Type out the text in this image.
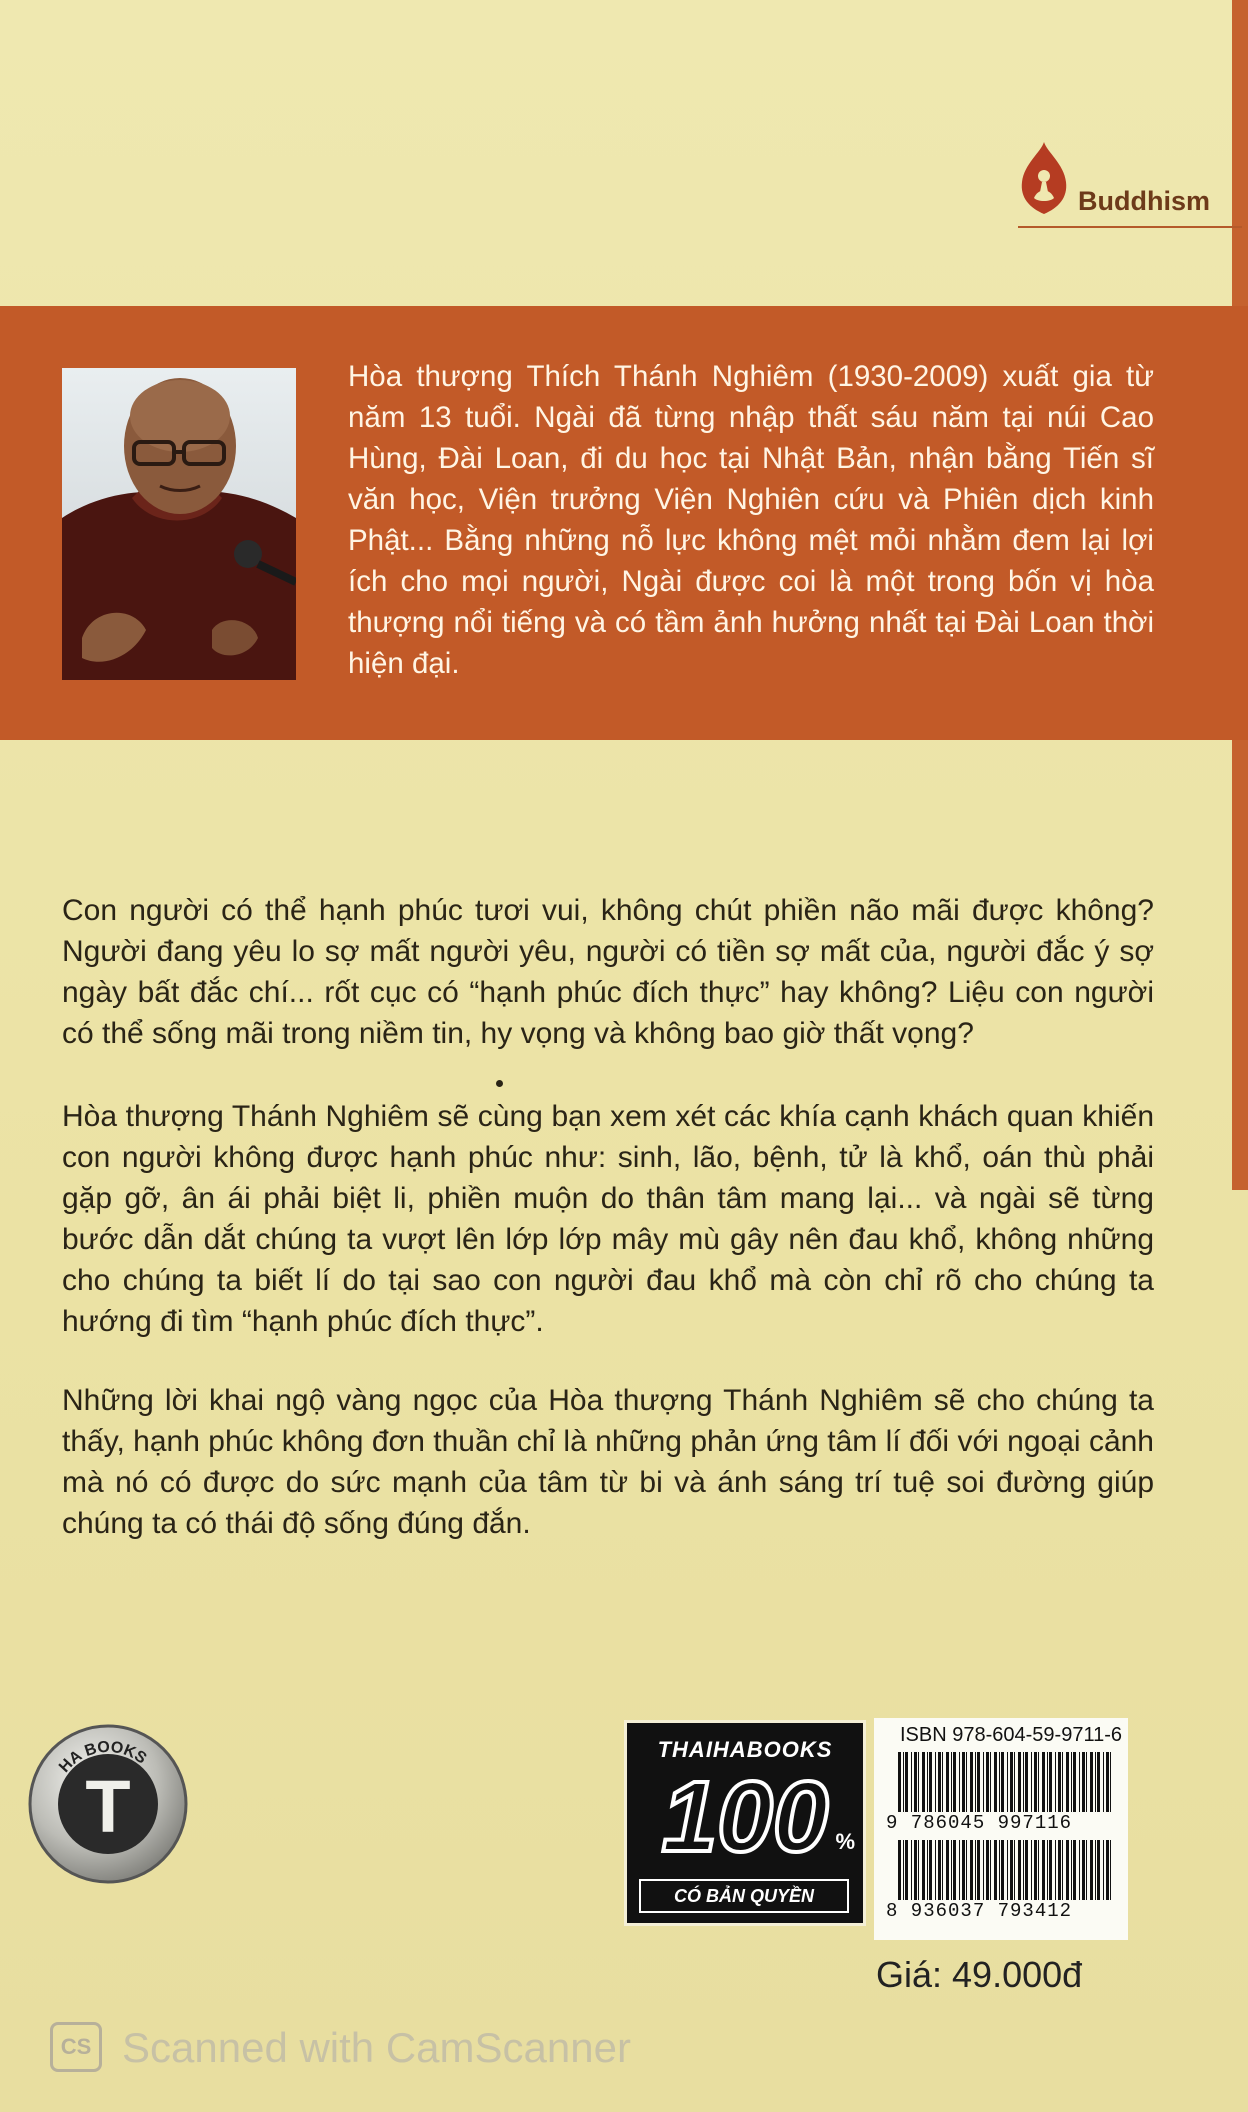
Buddhism
Hòa thượng Thích Thánh Nghiêm (1930-2009) xuất gia từ năm 13 tuổi. Ngài đã từng nhập thất sáu năm tại núi Cao Hùng, Đài Loan, đi du học tại Nhật Bản, nhận bằng Tiến sĩ văn học, Viện trưởng Viện Nghiên cứu và Phiên dịch kinh Phật... Bằng những nỗ lực không mệt mỏi nhằm đem lại lợi ích cho mọi người, Ngài được coi là một trong bốn vị hòa thượng nổi tiếng và có tầm ảnh hưởng nhất tại Đài Loan thời hiện đại.
Con người có thể hạnh phúc tươi vui, không chút phiền não mãi được không? Người đang yêu lo sợ mất người yêu, người có tiền sợ mất của, người đắc ý sợ ngày bất đắc chí... rốt cục có “hạnh phúc đích thực” hay không? Liệu con người có thể sống mãi trong niềm tin, hy vọng và không bao giờ thất vọng?
Hòa thượng Thánh Nghiêm sẽ cùng bạn xem xét các khía cạnh khách quan khiến con người không được hạnh phúc như: sinh, lão, bệnh, tử là khổ, oán thù phải gặp gỡ, ân ái phải biệt li, phiền muộn do thân tâm mang lại... và ngài sẽ từng bước dẫn dắt chúng ta vượt lên lớp lớp mây mù gây nên đau khổ, không những cho chúng ta biết lí do tại sao con người đau khổ mà còn chỉ rõ cho chúng ta hướng đi tìm “hạnh phúc đích thực”.
Những lời khai ngộ vàng ngọc của Hòa thượng Thánh Nghiêm sẽ cho chúng ta thấy, hạnh phúc không đơn thuần chỉ là những phản ứng tâm lí đối với ngoại cảnh mà nó có được do sức mạnh của tâm từ bi và ánh sáng trí tuệ soi đường giúp chúng ta có thái độ sống đúng đắn.
HA BOOKS
T
THAIHABOOKS
100 %
CÓ BẢN QUYỀN
ISBN 978-604-59-9711-6
9 786045 997116
8 936037 793412
Giá: 49.000đ
CS Scanned with CamScanner
